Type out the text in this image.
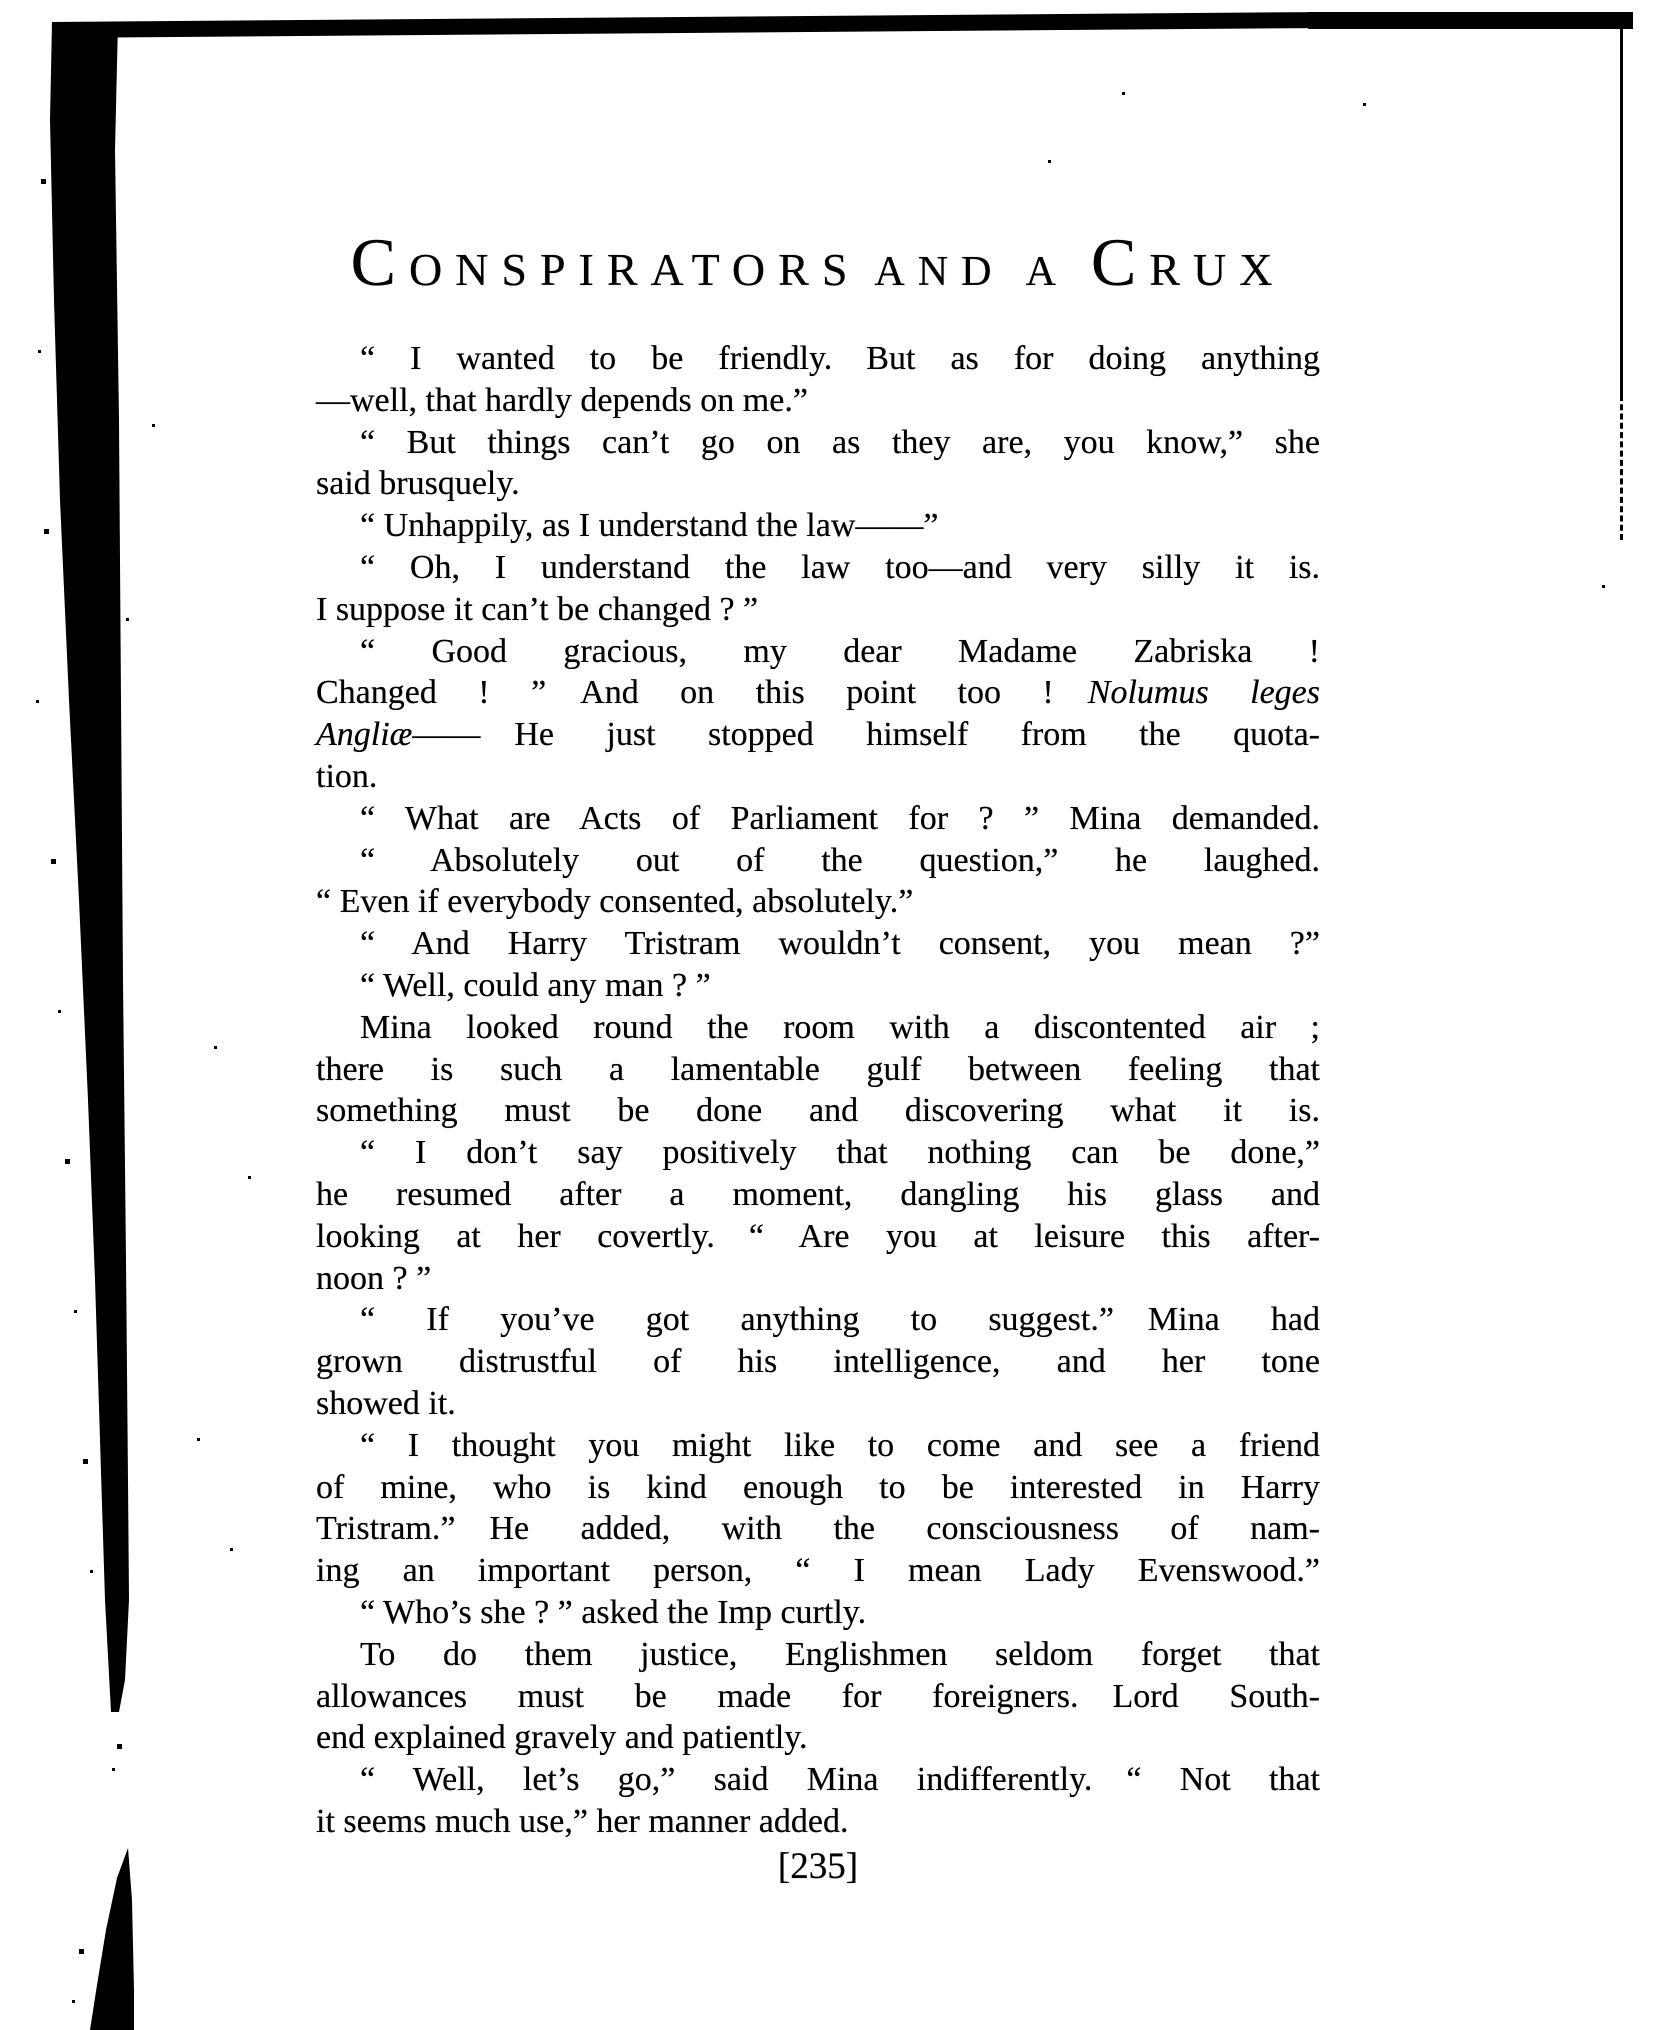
CONSPIRATORS AND A CRUX
“ I wanted to be friendly.  But as for doing anything
—well, that hardly depends on me.”
“ But things can’t go on as they are, you know,” she
said brusquely.
“ Unhappily, as I understand the law——”
“ Oh, I understand the law too—and very silly it is.
I suppose it can’t be changed ? ”
“ Good gracious, my dear Madame Zabriska !
Changed ! ”  And on this point too !  Nolumus leges
Angliæ——  He just stopped himself from the quota-
tion.
“ What are Acts of Parliament for ? ” Mina demanded.
“ Absolutely out of the question,” he laughed.
“ Even if everybody consented, absolutely.”
“ And Harry Tristram wouldn’t consent, you mean ?”
“ Well, could any man ? ”
Mina looked round the room with a discontented air ;
there is such a lamentable gulf between feeling that
something must be done and discovering what it is.
“ I don’t say positively that nothing can be done,”
he resumed after a moment, dangling his glass and
looking at her covertly.  “ Are you at leisure this after-
noon ? ”
“ If you’ve got anything to suggest.”  Mina had
grown distrustful of his intelligence, and her tone
showed it.
“ I thought you might like to come and see a friend
of mine, who is kind enough to be interested in Harry
Tristram.”  He added, with the consciousness of nam-
ing an important person, “ I mean Lady Evenswood.”
“ Who’s she ? ” asked the Imp curtly.
To do them justice, Englishmen seldom forget that
allowances must be made for foreigners.  Lord South-
end explained gravely and patiently.
“ Well, let’s go,” said Mina indifferently.  “ Not that
it seems much use,” her manner added.
[235]
